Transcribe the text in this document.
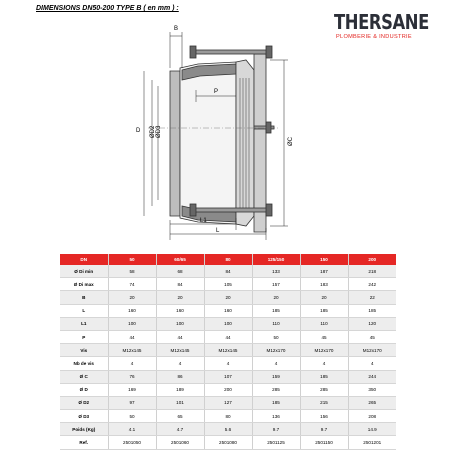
DIMENSIONS DN50-200 TYPE B ( en mm ) :
THERSANE
PLOMBERIE & INDUSTRIE
B
P
L1
L
D ØD2 ØD3
ØC
DN	50	60/65	80	125/150	150	200
Ø Di min	58	68	84	133	187	218
Ø Di max	74	84	105	157	183	242
B	20	20	20	20	20	22
L	160	160	160	185	185	185
L1	100	100	100	110	110	120
P	44	44	44	50	45	45
Vis	M12x145	M12x145	M12x145	M12x170	M12x170	M12x170
Nb de vis	4	4	4	4	4	4
Ø C	76	86	107	159	185	244
Ø D	169	189	200	285	285	350
Ø D2	97	101	127	185	215	265
Ø D3	50	65	80	136	156	208
Poids (Kg)	4.1	4.7	5.6	9.7	9.7	14.9
Ref.	2501050	2501060	2501080	2501125	2501150	2501201
